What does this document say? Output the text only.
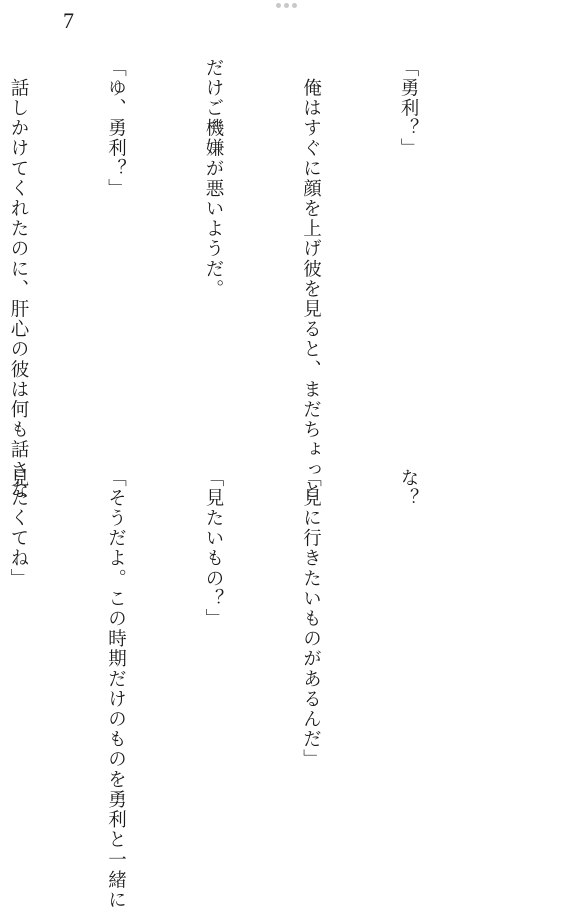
7

「勇利？」

　俺はすぐに顔を上げ彼を見ると、まだちょっと

だけご機嫌が悪いようだ。

「ゆ、勇利？」

　話しかけてくれたのに、肝心の彼は何も話さな

	な？

「見に行きたいものがあるんだ」

「見たいもの？」

「そうだよ。この時期だけのものを勇利と一緒に

見たくてね」
